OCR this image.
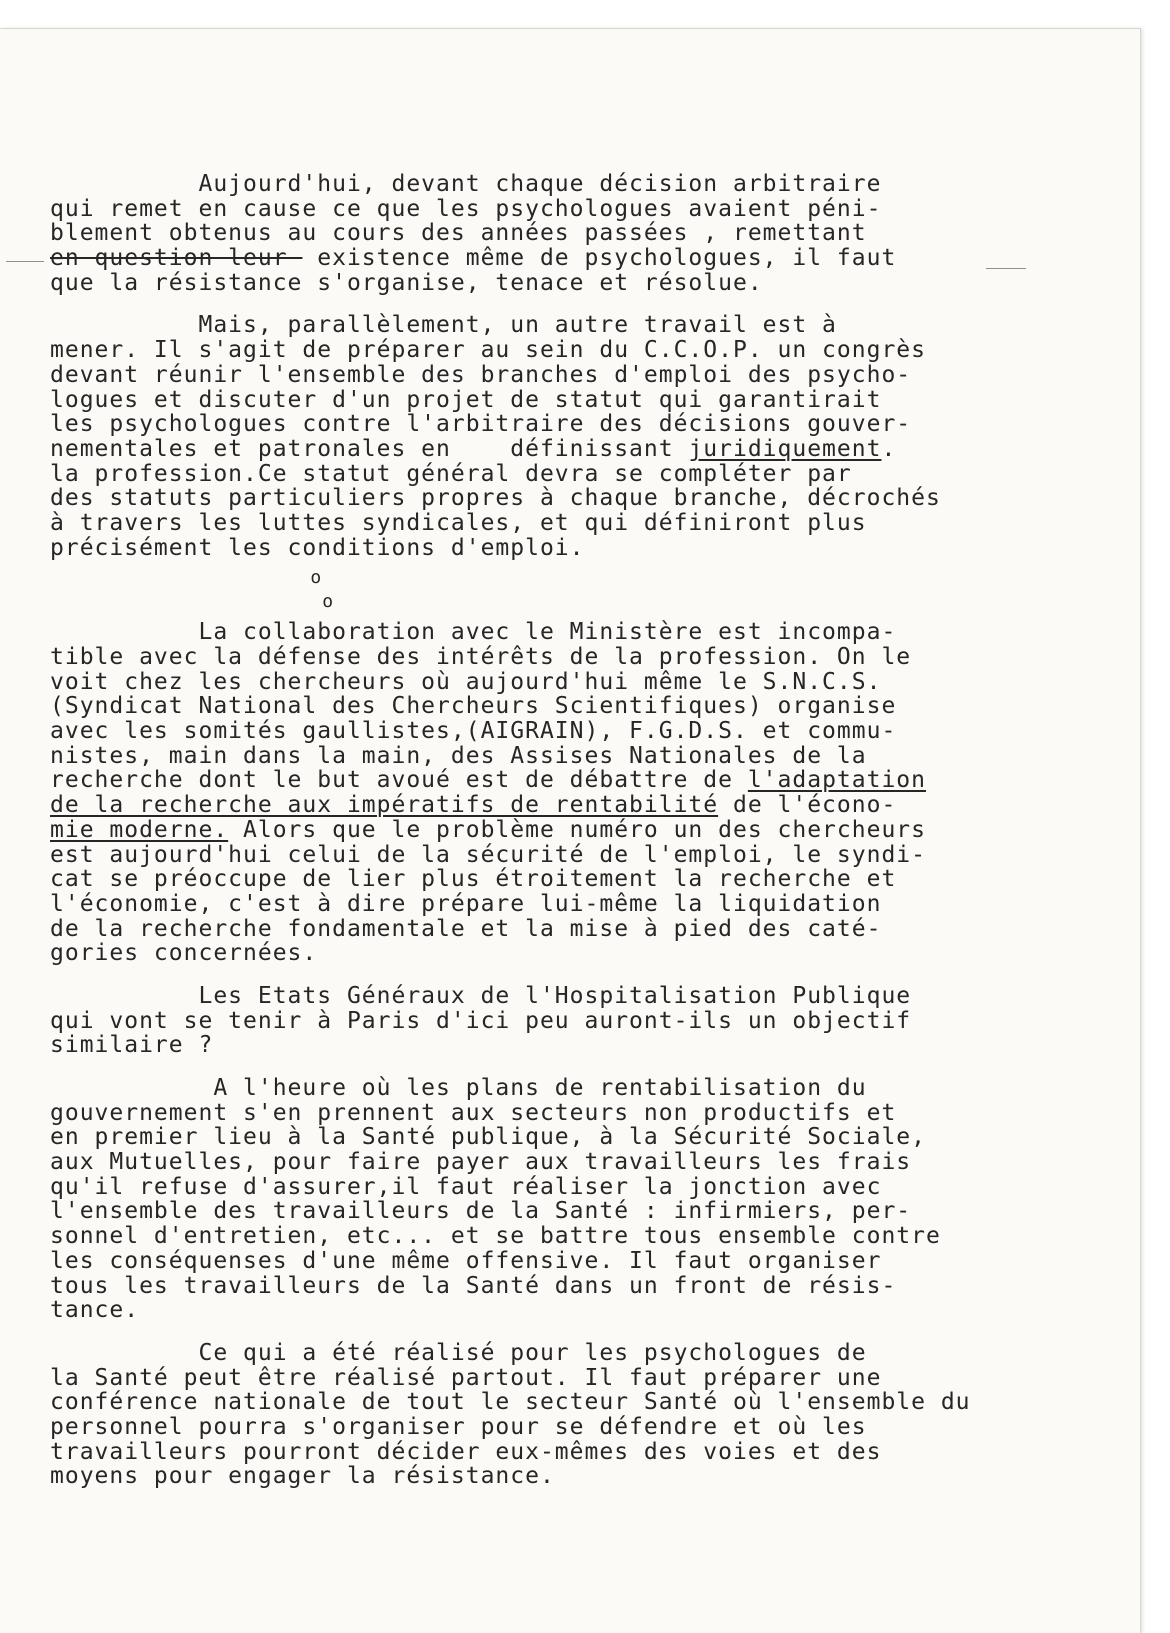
Aujourd'hui, devant chaque décision arbitraire
qui remet en cause ce que les psychologues avaient péni-
blement obtenus au cours des années passées , remettant
en question leur  existence même de psychologues, il faut
que la résistance s'organise, tenace et résolue.
Mais, parallèlement, un autre travail est à
mener. Il s'agit de préparer au sein du C.C.O.P. un congrès
devant réunir l'ensemble des branches d'emploi des psycho-
logues et discuter d'un projet de statut qui garantirait
les psychologues contre l'arbitraire des décisions gouver-
nementales et patronales en    définissant juridiquement.
la profession.Ce statut général devra se compléter par
des statuts particuliers propres à chaque branche, décrochés
à travers les luttes syndicales, et qui définiront plus
précisément les conditions d'emploi.
o
o
La collaboration avec le Ministère est incompa-
tible avec la défense des intérêts de la profession. On le
voit chez les chercheurs où aujourd'hui même le S.N.C.S.
(Syndicat National des Chercheurs Scientifiques) organise
avec les somités gaullistes,(AIGRAIN), F.G.D.S. et commu-
nistes, main dans la main, des Assises Nationales de la
recherche dont le but avoué est de débattre de l'adaptation
de la recherche aux impératifs de rentabilité de l'écono-
mie moderne. Alors que le problème numéro un des chercheurs
est aujourd'hui celui de la sécurité de l'emploi, le syndi-
cat se préoccupe de lier plus étroitement la recherche et
l'économie, c'est à dire prépare lui-même la liquidation
de la recherche fondamentale et la mise à pied des caté-
gories concernées.
Les Etats Généraux de l'Hospitalisation Publique
qui vont se tenir à Paris d'ici peu auront-ils un objectif
similaire ?
A l'heure où les plans de rentabilisation du
gouvernement s'en prennent aux secteurs non productifs et
en premier lieu à la Santé publique, à la Sécurité Sociale,
aux Mutuelles, pour faire payer aux travailleurs les frais
qu'il refuse d'assurer,il faut réaliser la jonction avec
l'ensemble des travailleurs de la Santé : infirmiers, per-
sonnel d'entretien, etc... et se battre tous ensemble contre
les conséquenses d'une même offensive. Il faut organiser
tous les travailleurs de la Santé dans un front de résis-
tance.
Ce qui a été réalisé pour les psychologues de
la Santé peut être réalisé partout. Il faut préparer une
conférence nationale de tout le secteur Santé où l'ensemble du
personnel pourra s'organiser pour se défendre et où les
travailleurs pourront décider eux-mêmes des voies et des
moyens pour engager la résistance.
